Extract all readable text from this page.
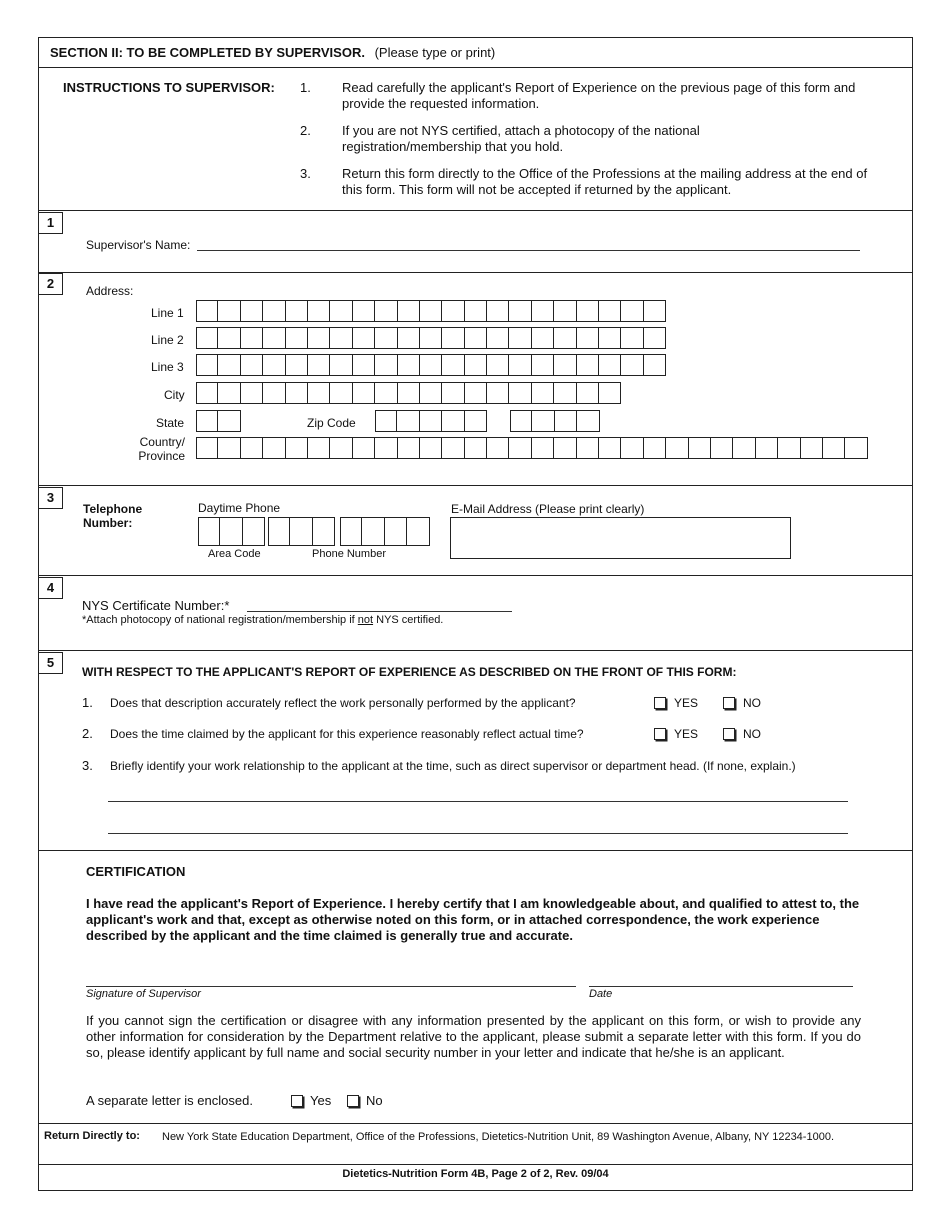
SECTION II: TO BE COMPLETED BY SUPERVISOR. (Please type or print)
INSTRUCTIONS TO SUPERVISOR: 1. Read carefully the applicant's Report of Experience on the previous page of this form and provide the requested information.
2. If you are not NYS certified, attach a photocopy of the national registration/membership that you hold.
3. Return this form directly to the Office of the Professions at the mailing address at the end of this form. This form will not be accepted if returned by the applicant.
1
Supervisor's Name:
2	Address:
Line 1
Line 2
Line 3
City
State	Zip Code
Country/
Province
3
Telephone
Number:
Daytime Phone
Area Code	Phone Number
E-Mail Address (Please print clearly)
4
NYS Certificate Number:*
*Attach photocopy of national registration/membership if not NYS certified.
5
WITH RESPECT TO THE APPLICANT'S REPORT OF EXPERIENCE AS DESCRIBED ON THE FRONT OF THIS FORM:
1. Does that description accurately reflect the work personally performed by the applicant?	YES	NO
2. Does the time claimed by the applicant for this experience reasonably reflect actual time?	YES	NO
3. Briefly identify your work relationship to the applicant at the time, such as direct supervisor or department head. (If none, explain.)
CERTIFICATION
I have read the applicant's Report of Experience. I hereby certify that I am knowledgeable about, and qualified to attest to, the applicant's work and that, except as otherwise noted on this form, or in attached correspondence, the work experience described by the applicant and the time claimed is generally true and accurate.
Signature of Supervisor	Date
If you cannot sign the certification or disagree with any information presented by the applicant on this form, or wish to provide any other information for consideration by the Department relative to the applicant, please submit a separate letter with this form. If you do so, please identify applicant by full name and social security number in your letter and indicate that he/she is an applicant.
A separate letter is enclosed.	Yes	No
Return Directly to: New York State Education Department, Office of the Professions, Dietetics-Nutrition Unit, 89 Washington Avenue, Albany, NY 12234-1000.
Dietetics-Nutrition Form 4B, Page 2 of 2, Rev. 09/04
